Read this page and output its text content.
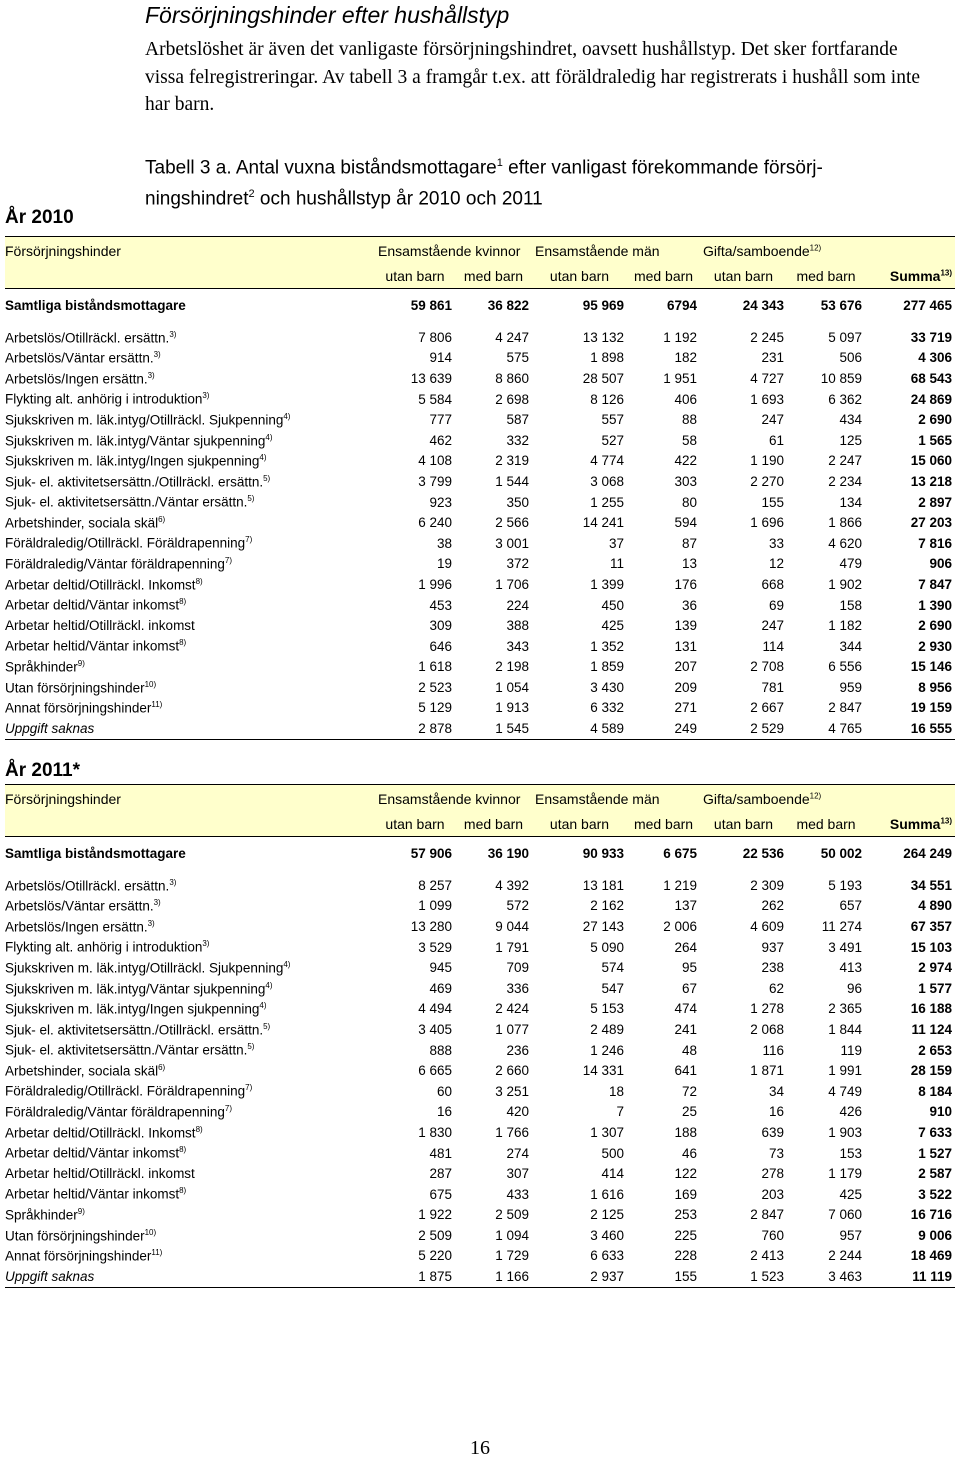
Försörjningshinder efter hushållstyp
Arbetslöshet är även det vanligaste försörjningshindret, oavsett hushållstyp. Det sker fortfarande vissa felregistreringar. Av tabell 3 a framgår t.ex. att föräldraledig har registrerats i hushåll som inte har barn.
Tabell 3 a. Antal vuxna biståndsmottagare$^1$ efter vanligast förekommande försörj-ningshindret$^2$ och hushållstyp år 2010 och 2011
År 2010
Försörjningshinder	Ensamstående kvinnor		Ensamstående män		Gifta/samboende$^{12)}$	
	utan barn	med barn	utan barn	med barn	utan barn	med barn	Summa$^{13)}$
Samtliga biståndsmottagare	59 861	36 822	95 969	6794	24 343	53 676	277 465

Arbetslös/Otillräckl. ersättn.$^{3)}$	7 806	4 247	13 132	1 192	2 245	5 097	33 719
Arbetslös/Väntar ersättn.$^{3)}$	914	575	1 898	182	231	506	4 306
Arbetslös/Ingen ersättn.$^{3)}$	13 639	8 860	28 507	1 951	4 727	10 859	68 543
Flykting alt. anhörig i introduktion$^{3)}$	5 584	2 698	8 126	406	1 693	6 362	24 869
Sjukskriven m. läk.intyg/Otillräckl. Sjukpenning$^{4)}$	777	587	557	88	247	434	2 690
Sjukskriven m. läk.intyg/Väntar sjukpenning$^{4)}$	462	332	527	58	61	125	1 565
Sjukskriven m. läk.intyg/Ingen sjukpenning$^{4)}$	4 108	2 319	4 774	422	1 190	2 247	15 060
Sjuk- el. aktivitetsersättn./Otillräckl. ersättn.$^{5)}$	3 799	1 544	3 068	303	2 270	2 234	13 218
Sjuk- el. aktivitetsersättn./Väntar ersättn.$^{5)}$	923	350	1 255	80	155	134	2 897
Arbetshinder, sociala skäl$^{6)}$	6 240	2 566	14 241	594	1 696	1 866	27 203
Föräldraledig/Otillräckl. Föräldrapenning$^{7)}$	38	3 001	37	87	33	4 620	7 816
Föräldraledig/Väntar föräldrapenning$^{7)}$	19	372	11	13	12	479	906
Arbetar deltid/Otillräckl. Inkomst$^{8)}$	1 996	1 706	1 399	176	668	1 902	7 847
Arbetar deltid/Väntar inkomst$^{8)}$	453	224	450	36	69	158	1 390
Arbetar heltid/Otillräckl. inkomst	309	388	425	139	247	1 182	2 690
Arbetar heltid/Väntar inkomst$^{8)}$	646	343	1 352	131	114	344	2 930
Språkhinder$^{9)}$	1 618	2 198	1 859	207	2 708	6 556	15 146
Utan försörjningshinder$^{10)}$	2 523	1 054	3 430	209	781	959	8 956
Annat försörjningshinder$^{11)}$	5 129	1 913	6 332	271	2 667	2 847	19 159
Uppgift saknas	2 878	1 545	4 589	249	2 529	4 765	16 555
År 2011*
Försörjningshinder	Ensamstående kvinnor		Ensamstående män		Gifta/samboende$^{12)}$	
	utan barn	med barn	utan barn	med barn	utan barn	med barn	Summa$^{13)}$
Samtliga biståndsmottagare	57 906	36 190	90 933	6 675	22 536	50 002	264 249

Arbetslös/Otillräckl. ersättn.$^{3)}$	8 257	4 392	13 181	1 219	2 309	5 193	34 551
Arbetslös/Väntar ersättn.$^{3)}$	1 099	572	2 162	137	262	657	4 890
Arbetslös/Ingen ersättn.$^{3)}$	13 280	9 044	27 143	2 006	4 609	11 274	67 357
Flykting alt. anhörig i introduktion$^{3)}$	3 529	1 791	5 090	264	937	3 491	15 103
Sjukskriven m. läk.intyg/Otillräckl. Sjukpenning$^{4)}$	945	709	574	95	238	413	2 974
Sjukskriven m. läk.intyg/Väntar sjukpenning$^{4)}$	469	336	547	67	62	96	1 577
Sjukskriven m. läk.intyg/Ingen sjukpenning$^{4)}$	4 494	2 424	5 153	474	1 278	2 365	16 188
Sjuk- el. aktivitetsersättn./Otillräckl. ersättn.$^{5)}$	3 405	1 077	2 489	241	2 068	1 844	11 124
Sjuk- el. aktivitetsersättn./Väntar ersättn.$^{5)}$	888	236	1 246	48	116	119	2 653
Arbetshinder, sociala skäl$^{6)}$	6 665	2 660	14 331	641	1 871	1 991	28 159
Föräldraledig/Otillräckl. Föräldrapenning$^{7)}$	60	3 251	18	72	34	4 749	8 184
Föräldraledig/Väntar föräldrapenning$^{7)}$	16	420	7	25	16	426	910
Arbetar deltid/Otillräckl. Inkomst$^{8)}$	1 830	1 766	1 307	188	639	1 903	7 633
Arbetar deltid/Väntar inkomst$^{8)}$	481	274	500	46	73	153	1 527
Arbetar heltid/Otillräckl. inkomst	287	307	414	122	278	1 179	2 587
Arbetar heltid/Väntar inkomst$^{8)}$	675	433	1 616	169	203	425	3 522
Språkhinder$^{9)}$	1 922	2 509	2 125	253	2 847	7 060	16 716
Utan försörjningshinder$^{10)}$	2 509	1 094	3 460	225	760	957	9 006
Annat försörjningshinder$^{11)}$	5 220	1 729	6 633	228	2 413	2 244	18 469
Uppgift saknas	1 875	1 166	2 937	155	1 523	3 463	11 119
16
